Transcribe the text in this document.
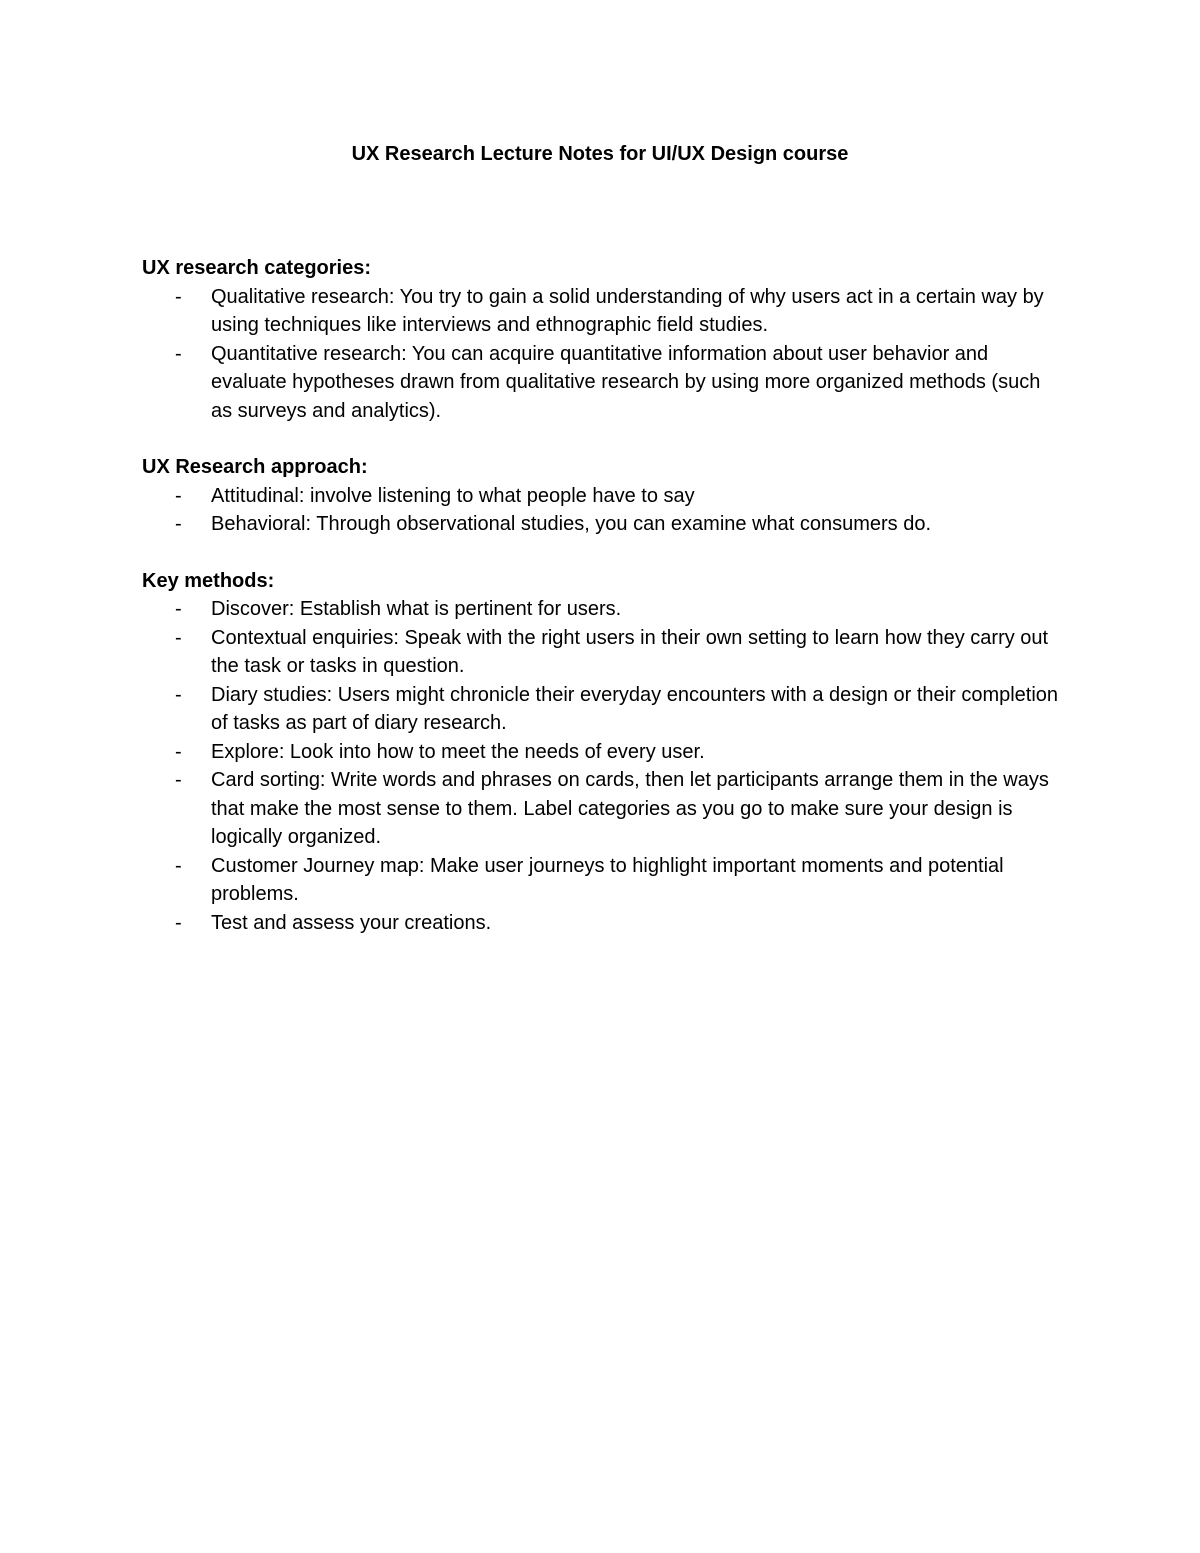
UX Research Lecture Notes for UI/UX Design course

UX research categories:

- Qualitative research: You try to gain a solid understanding of why users act in a certain way by using techniques like interviews and ethnographic field studies.
- Quantitative research: You can acquire quantitative information about user behavior and evaluate hypotheses drawn from qualitative research by using more organized methods (such as surveys and analytics).

UX Research approach:

- Attitudinal: involve listening to what people have to say
- Behavioral: Through observational studies, you can examine what consumers do.

Key methods:

- Discover: Establish what is pertinent for users.
- Contextual enquiries: Speak with the right users in their own setting to learn how they carry out the task or tasks in question.
- Diary studies: Users might chronicle their everyday encounters with a design or their completion of tasks as part of diary research.
- Explore: Look into how to meet the needs of every user.
- Card sorting: Write words and phrases on cards, then let participants arrange them in the ways that make the most sense to them. Label categories as you go to make sure your design is logically organized.
- Customer Journey map: Make user journeys to highlight important moments and potential problems.
- Test and assess your creations.
